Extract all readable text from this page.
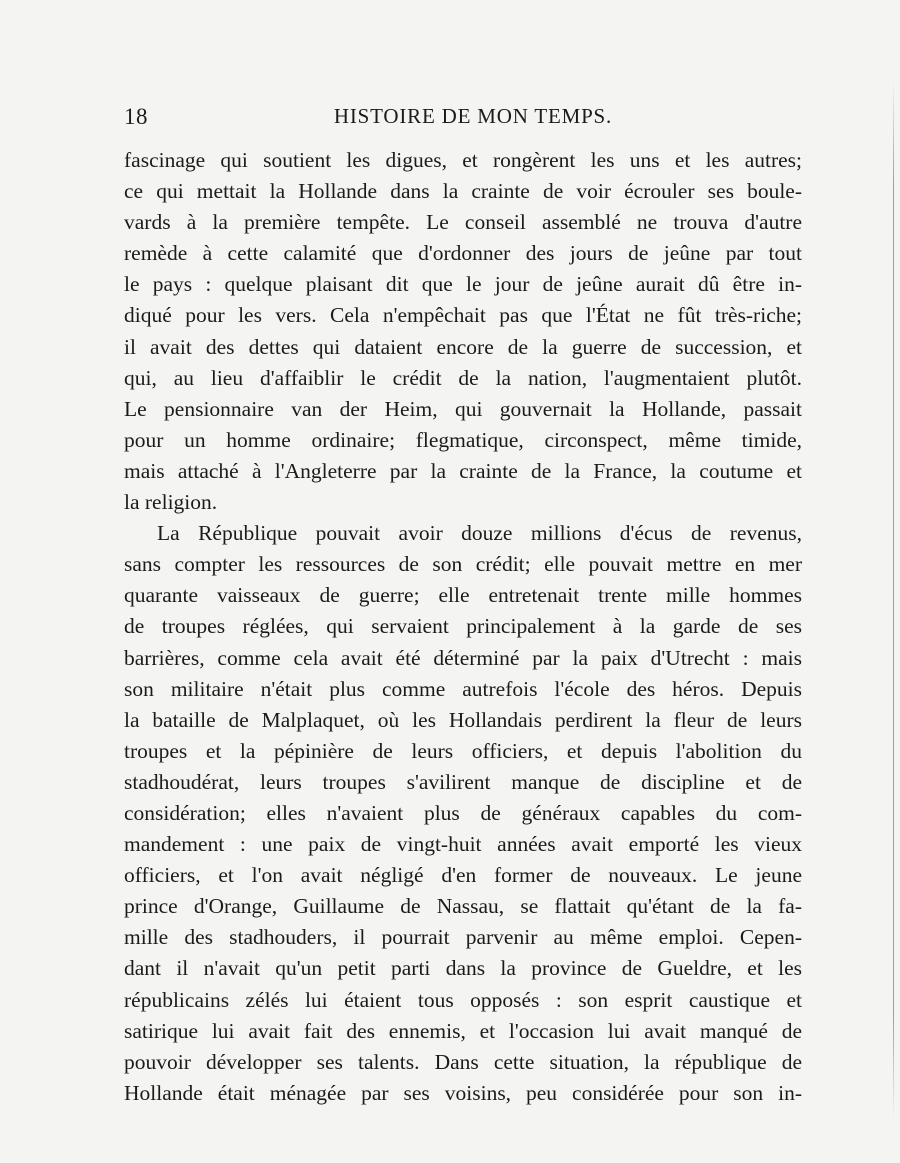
18	HISTOIRE DE MON TEMPS.
fascinage qui soutient les digues, et rongèrent les uns et les autres;
ce qui mettait la Hollande dans la crainte de voir écrouler ses boule-
vards à la première tempête. Le conseil assemblé ne trouva d'autre
remède à cette calamité que d'ordonner des jours de jeûne par tout
le pays : quelque plaisant dit que le jour de jeûne aurait dû être in-
diqué pour les vers. Cela n'empêchait pas que l'État ne fût très-riche;
il avait des dettes qui dataient encore de la guerre de succession, et
qui, au lieu d'affaiblir le crédit de la nation, l'augmentaient plutôt.
Le pensionnaire van der Heim, qui gouvernait la Hollande, passait
pour un homme ordinaire; flegmatique, circonspect, même timide,
mais attaché à l'Angleterre par la crainte de la France, la coutume et
la religion.
La République pouvait avoir douze millions d'écus de revenus,
sans compter les ressources de son crédit; elle pouvait mettre en mer
quarante vaisseaux de guerre; elle entretenait trente mille hommes
de troupes réglées, qui servaient principalement à la garde de ses
barrières, comme cela avait été déterminé par la paix d'Utrecht : mais
son militaire n'était plus comme autrefois l'école des héros. Depuis
la bataille de Malplaquet, où les Hollandais perdirent la fleur de leurs
troupes et la pépinière de leurs officiers, et depuis l'abolition du
stadhoudérat, leurs troupes s'avilirent manque de discipline et de
considération; elles n'avaient plus de généraux capables du com-
mandement : une paix de vingt-huit années avait emporté les vieux
officiers, et l'on avait négligé d'en former de nouveaux. Le jeune
prince d'Orange, Guillaume de Nassau, se flattait qu'étant de la fa-
mille des stadhouders, il pourrait parvenir au même emploi. Cepen-
dant il n'avait qu'un petit parti dans la province de Gueldre, et les
républicains zélés lui étaient tous opposés : son esprit caustique et
satirique lui avait fait des ennemis, et l'occasion lui avait manqué de
pouvoir développer ses talents. Dans cette situation, la république de
Hollande était ménagée par ses voisins, peu considérée pour son in-
